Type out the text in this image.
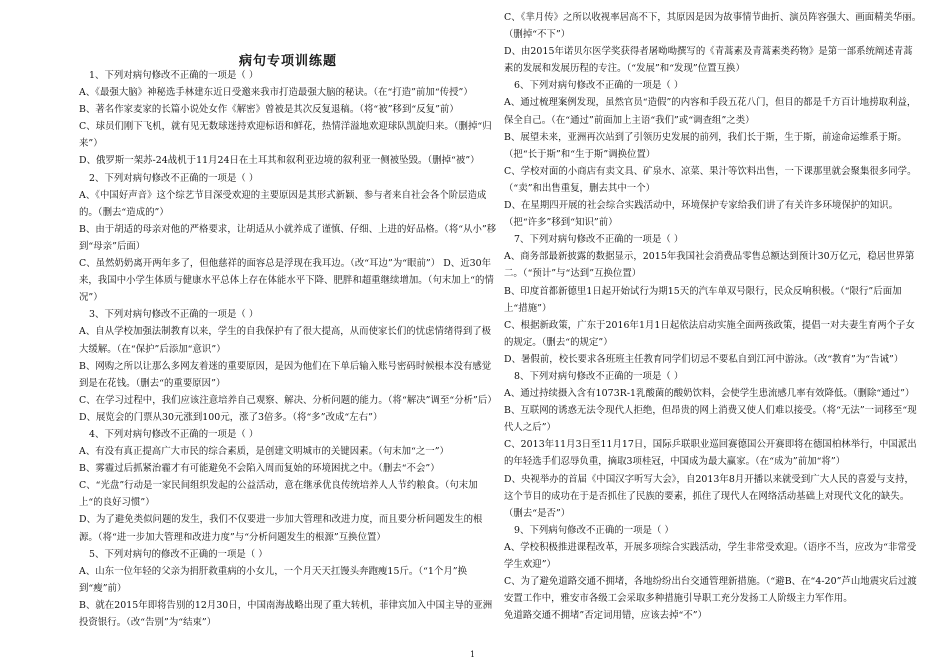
病句专项训练题

1、下列对病句修改不正确的一项是（ ）

A、《最强大脑》神秘选手林建东近日受邀来我市打造最强大脑的秘诀。（在“打造”前加“传授”）

B、著名作家麦家的长篇小说处女作《解密》曾被是其次反复退稿。（将“被”移到“反复”前）

C、球员们刚下飞机，就有见无数球迷持欢迎标语和鲜花，热情洋溢地欢迎球队凯旋归来。（删掉“归来”）

D、俄罗斯一架苏-24战机于11月24日在土耳其和叙利亚边境的叙利亚一侧被坠毁。（删掉“被”）

2、下列对病句修改不正确的一项是（ ）

A、《中国好声音》这个综艺节目深受欢迎的主要原因是其形式新颖、参与者来自社会各个阶层造成的。（删去“造成的”）

B、由于胡适的母亲对他的严格要求，让胡适从小就养成了谨慎、仔细、上进的好品格。（将“从小”移到“母亲”后面）

C、虽然奶奶离开两年多了，但他慈祥的面容总是浮现在我耳边。（改“耳边”为“眼前”） D、近30年来，我国中小学生体质与健康水平总体上存在体能水平下降、肥胖和超重继续增加。（句末加上“的情况”）

3、下列对病句修改不正确的一项是（ ）

A、自从学校加强法制教育以来，学生的自我保护有了很大提高，从而使家长们的忧虑情绪得到了极大缓解。（在“保护”后添加“意识”）

B、网购之所以让那么多网友着迷的重要原因，是因为他们在下单后输入账号密码时候根本没有感觉到是在花钱。（删去“的重要原因”）

C、在学习过程中，我们应该注意培养自己观察、解决、分析问题的能力。（将“解决”调至“分析”后）

D、展览会的门票从30元涨到100元，涨了3倍多。（将“多”改成“左右”）

4、下列对病句修改不正确的一项是（ ）

A、有没有真正提高广大市民的综合素质，是创建文明城市的关键因素。（句末加“之一”）

B、雾霾过后抓紧治霾才有可能避免不会陷入周而复始的环境困扰之中。（删去“不会”）

C、“光盘”行动是一家民间组织发起的公益活动，意在继承优良传统培养人人节约粮食。（句末加上“的良好习惯”）

D、为了避免类似问题的发生，我们不仅要进一步加大管理和改进力度，而且要分析问题发生的根源。（将“进一步加大管理和改进力度”与“分析问题发生的根源”互换位置）

5、下列对病句的修改不正确的一项是（ ）

A、山东一位年轻的父亲为捐肝救重病的小女儿，一个月天天扛馒头奔跑瘦15斤。（“1个月”换到“瘦”前）

B、就在2015年即将告别的12月30日，中国南海战略出现了重大转机，菲律宾加入中国主导的亚洲投资银行。（改“告别”为“结束”）

C、《芈月传》之所以收视率居高不下，其原因是因为故事情节曲折、演员阵容强大、画面精美华丽。（删掉“不下”）

D、由2015年诺贝尔医学奖获得者屠呦呦撰写的《青蒿素及青蒿素类药物》是第一部系统阐述青蒿素的发展和发展历程的专注。（“发展”和“发现”位置互换）

6、下列对病句修改不正确的一项是（ ）

A、通过梳理案例发现，虽然官员“造假”的内容和手段五花八门，但目的都是千方百计地捞取利益，保全自己。（在“通过”前面加上主语“我们”或“调查组”之类）

B、展望未来，亚洲再次站到了引领历史发展的前列，我们长于斯，生于斯，前途命运维系于斯。（把“长于斯”和“生于斯”调换位置）

C、学校对面的小商店有卖文具、矿泉水、凉菜、果汁等饮料出售，一下课那里就会聚集很多同学。（“卖”和出售重复，删去其中一个）

D、在星期四开展的社会综合实践活动中，环境保护专家给我们讲了有关许多环境保护的知识。（把“许多”移到“知识”前）

7、下列对病句修改不正确的一项是（ ）

A、商务部最新披露的数据显示，2015年我国社会消费品零售总额达到预计30万亿元，稳居世界第二。（“预计”与“达到”互换位置）

B、印度首都新德里1日起开始试行为期15天的汽车单双号限行，民众反响积极。（“限行”后面加上“措施”）

C、根据新政策，广东于2016年1月1日起依法启动实施全面两孩政策，提倡一对夫妻生育两个子女的规定。（删去“的规定”）

D、暑假前，校长要求各班班主任教育同学们切忌不要私自到江河中游泳。（改“教育”为“告诫”）

8、下列对病句修改不正确的一项是（ ）

A、通过持续摄入含有1073R-1乳酸菌的酸奶饮料，会使学生患流感几率有效降低。（删除“通过”）

B、互联网的诱惑无法令现代人拒绝，但昂贵的网上消费又使人们难以接受。（将“无法”一词移至“现代人之后”）

C、2013年11月3日至11月17日，国际乒联职业巡回赛德国公开赛即将在德国柏林举行，中国派出的年轻选手们忍辱负重，摘取3项桂冠，中国成为最大赢家。（在“成为”前加“将”）

D、央视举办的首届《中国汉字听写大会》，自2013年8月开播以来就受到广大人民的喜爱与支持，这个节目的成功在于是否抓住了民族的要素，抓住了现代人在网络活动基础上对现代文化的缺失。（删去“是否”）

9、下列病句修改不正确的一项是（ ）

A、学校积极推进课程改革，开展多项综合实践活动，学生非常受欢迎。（语序不当，应改为“非常受学生欢迎”）

C、为了避免道路交通不拥堵，各地纷纷出台交通管理新措施。（“避B、在“4-20”芦山地震灾后过渡安置工作中，雅安市各级工会采取多种措施引导职工充分发扬工人阶级主力军作用。

免道路交通不拥堵”否定词用错，应该去掉“不”）

1
